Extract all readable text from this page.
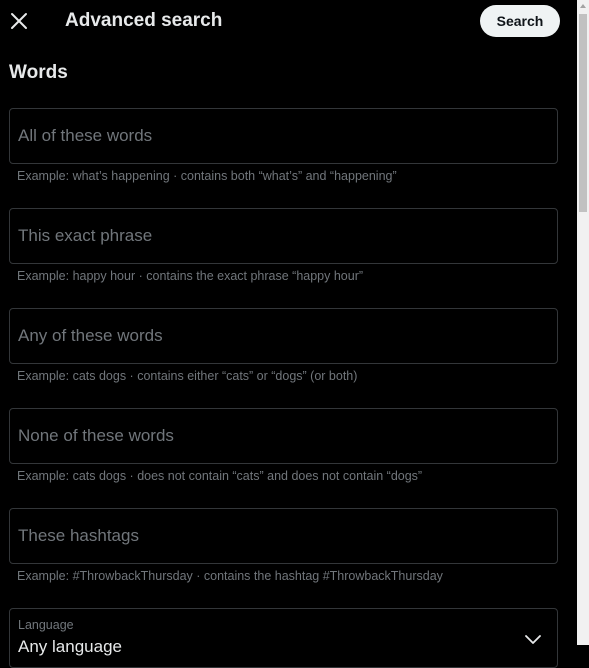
Advanced search	Search
Words
All of these words
Example: what’s happening · contains both “what’s” and “happening”
This exact phrase
Example: happy hour · contains the exact phrase “happy hour”
Any of these words
Example: cats dogs · contains either “cats” or “dogs” (or both)
None of these words
Example: cats dogs · does not contain “cats” and does not contain “dogs”
These hashtags
Example: #ThrowbackThursday · contains the hashtag #ThrowbackThursday
Language
Any language
